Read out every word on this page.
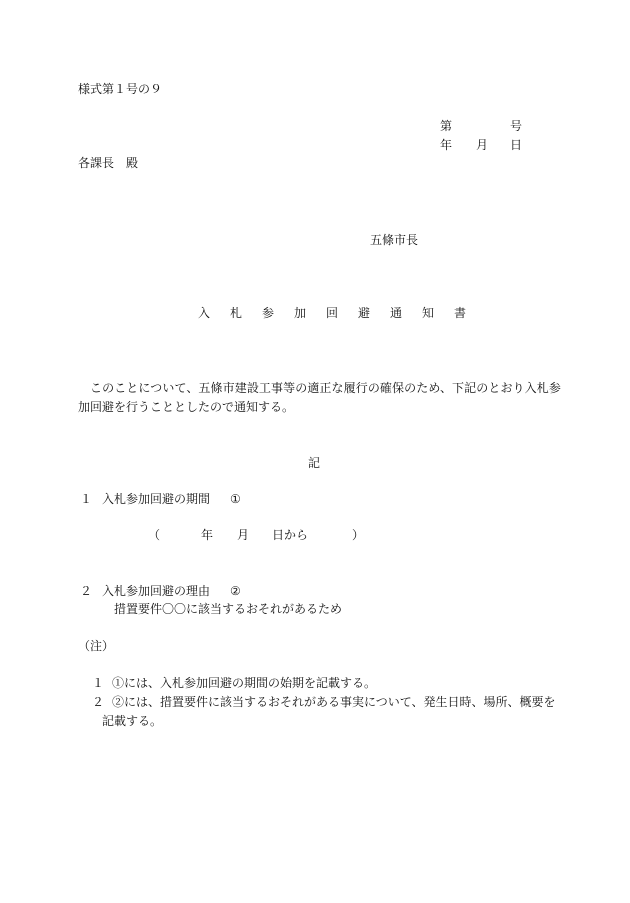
様式第１号の９
第	号
年 月 日
各課長　殿
五條市長
入札参加回避通知書
このことについて、五條市建設工事等の適正な履行の確保のため、下記のとおり入札参
加回避を行うこととしたので通知する。
記
１ 入札参加回避の期間 ①
（	年 月 日から	）
２ 入札参加回避の理由 ②
措置要件〇〇に該当するおそれがあるため
（注）
１ ①には、入札参加回避の期間の始期を記載する。
２ ②には、措置要件に該当するおそれがある事実について、発生日時、場所、概要を
記載する。
